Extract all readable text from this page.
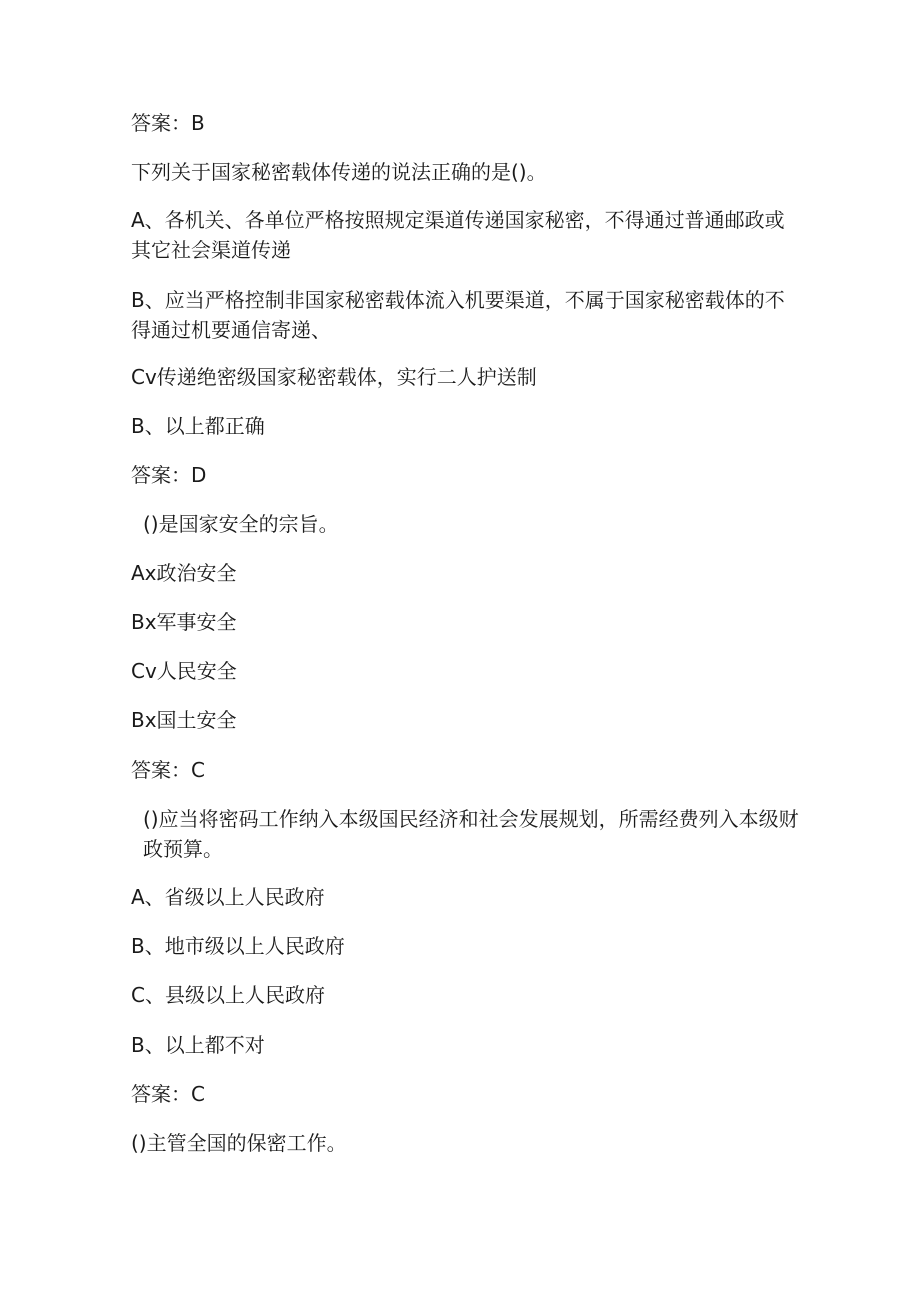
答案：B
下列关于国家秘密载体传递的说法正确的是()。
A、各机关、各单位严格按照规定渠道传递国家秘密，不得通过普通邮政或其它社会渠道传递
B、应当严格控制非国家秘密载体流入机要渠道，不属于国家秘密载体的不得通过机要通信寄递、
Cv传递绝密级国家秘密载体，实行二人护送制
B、以上都正确
答案：D
()是国家安全的宗旨。
Ax政治安全
Bx军事安全
Cv人民安全
Bx国土安全
答案：C
()应当将密码工作纳入本级国民经济和社会发展规划，所需经费列入本级财政预算。
A、省级以上人民政府
B、地市级以上人民政府
C、县级以上人民政府
B、以上都不对
答案：C
()主管全国的保密工作。
